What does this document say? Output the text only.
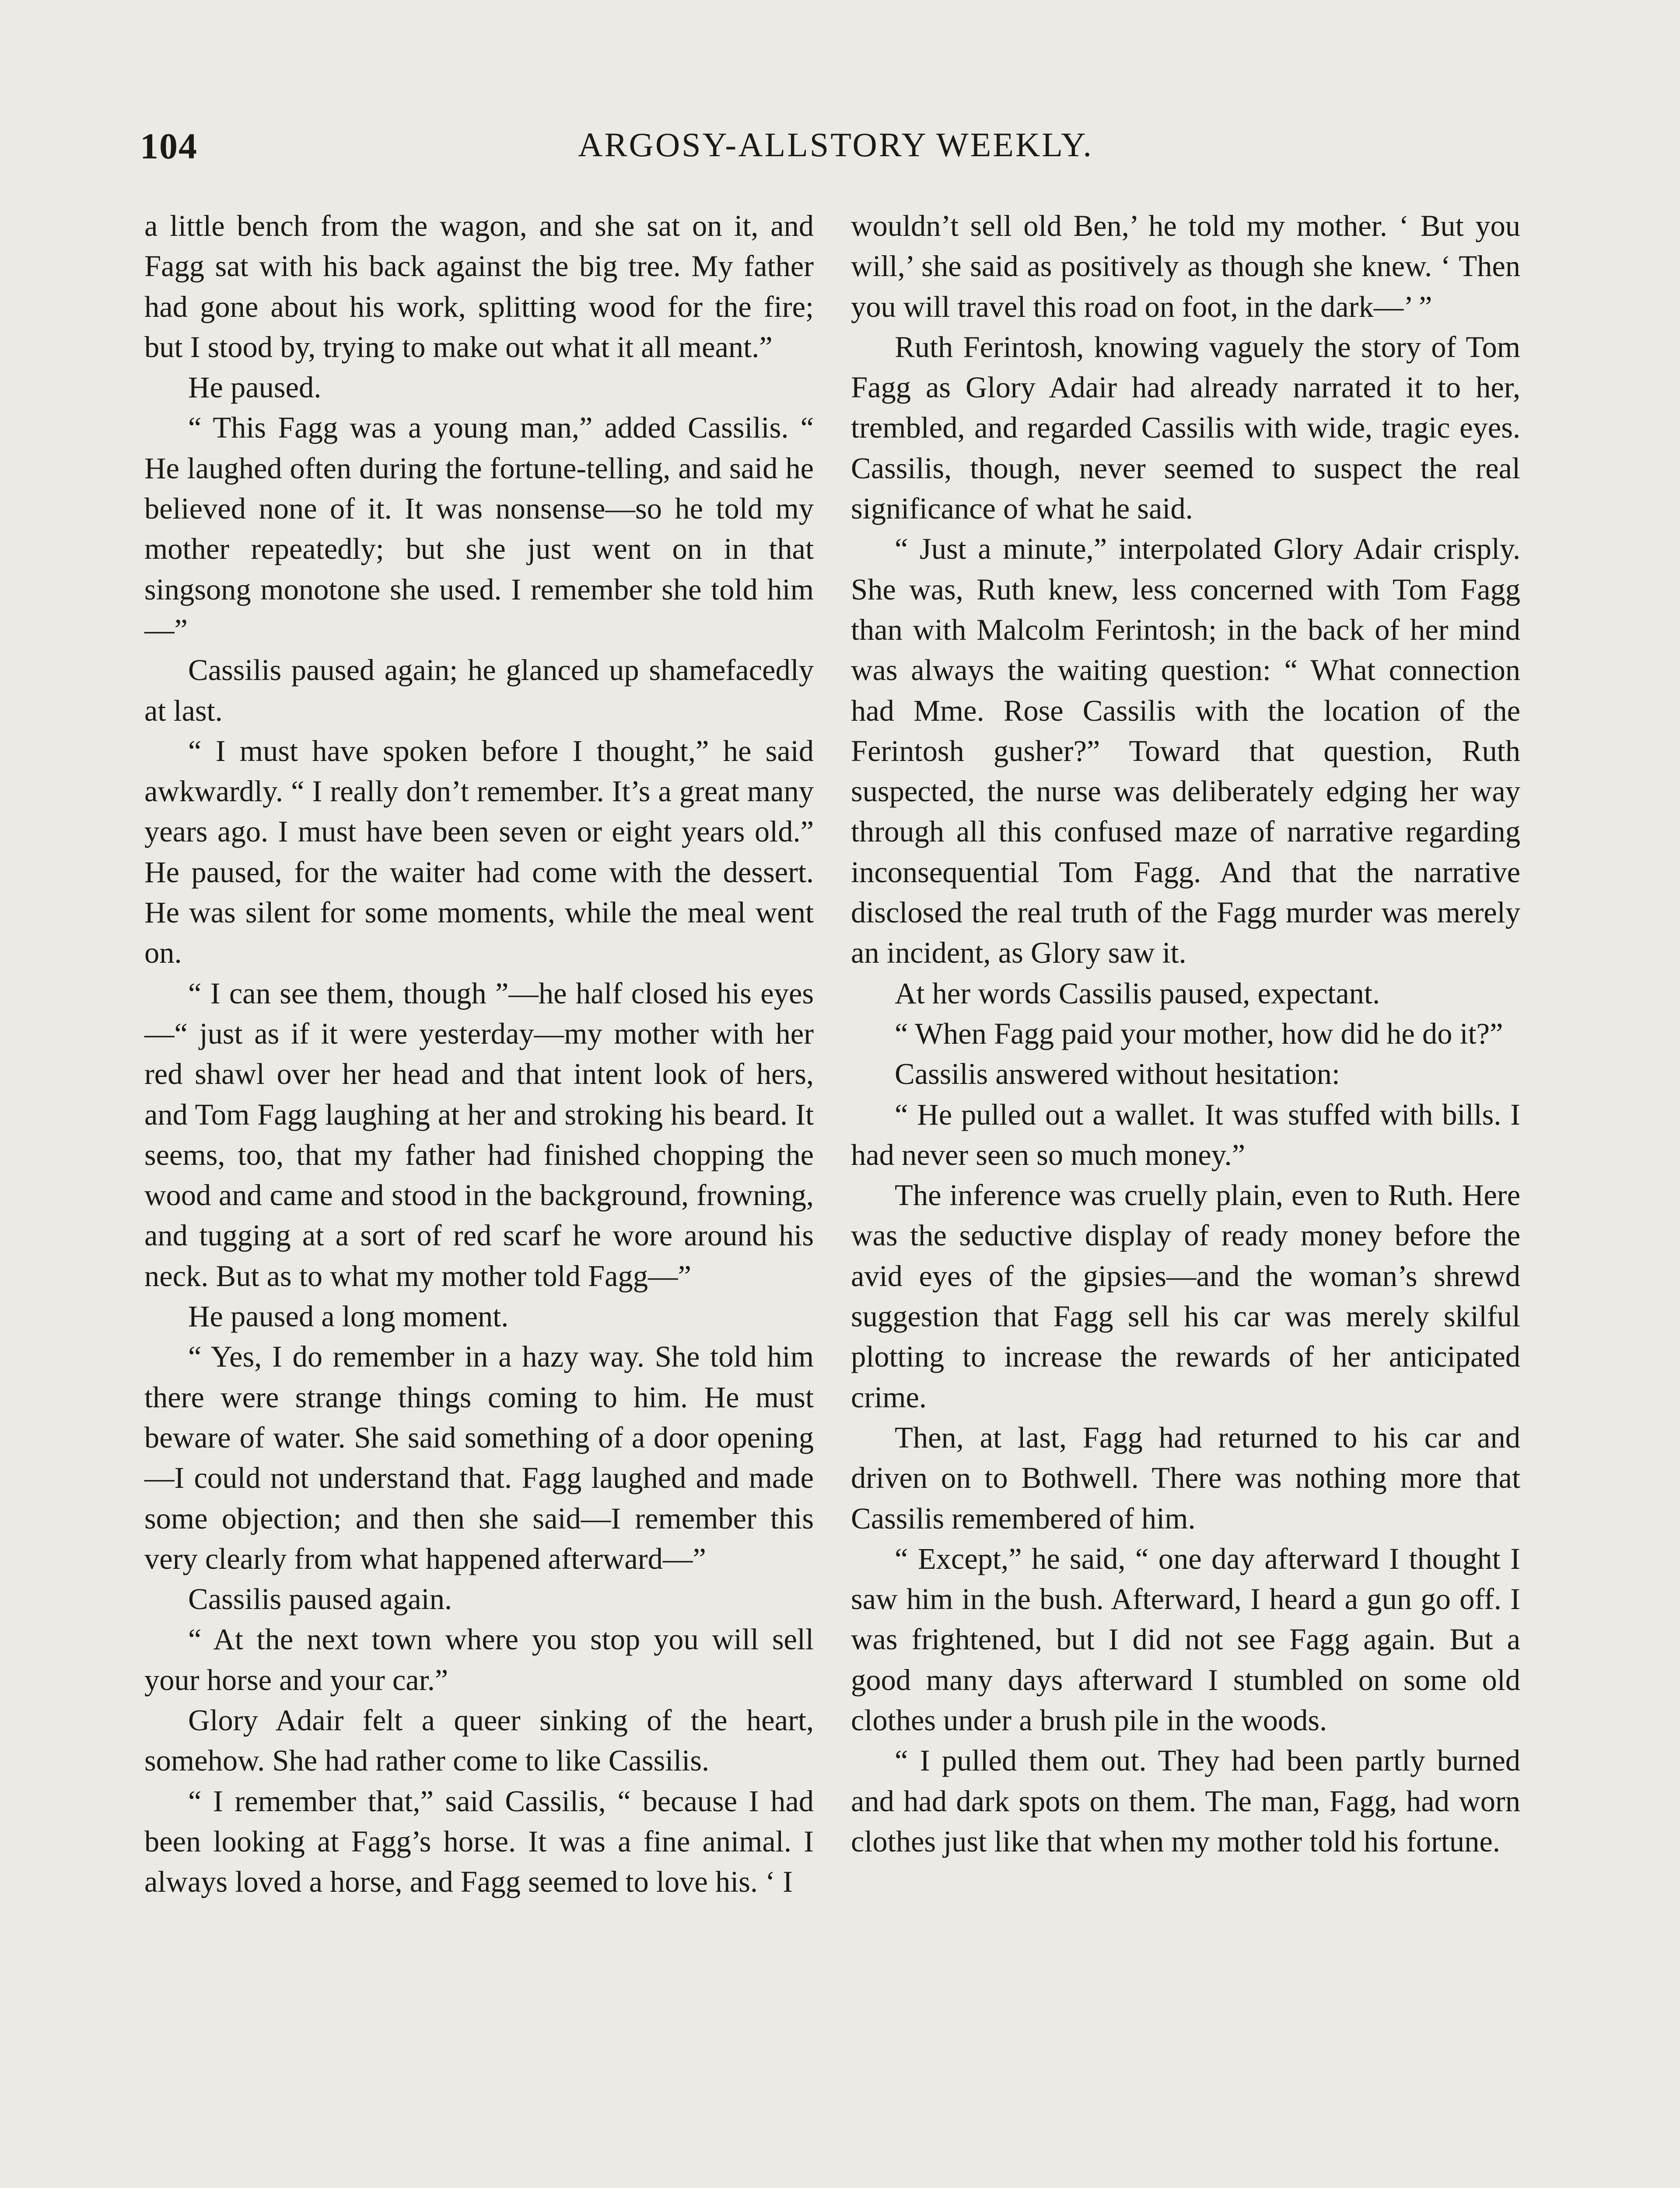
104	ARGOSY-ALLSTORY WEEKLY.

a little bench from the wagon, and she sat on it, and Fagg sat with his back against the big tree. My father had gone about his work, splitting wood for the fire; but I stood by, trying to make out what it all meant.”

He paused.

“ This Fagg was a young man,” added Cassilis. “ He laughed often during the fortune-telling, and said he believed none of it. It was nonsense—so he told my mother repeatedly; but she just went on in that singsong monotone she used. I remember she told him—”

Cassilis paused again; he glanced up shamefacedly at last.

“ I must have spoken before I thought,” he said awkwardly. “ I really don’t remember. It’s a great many years ago. I must have been seven or eight years old.” He paused, for the waiter had come with the dessert. He was silent for some moments, while the meal went on.

“ I can see them, though ”—he half closed his eyes—“ just as if it were yesterday—my mother with her red shawl over her head and that intent look of hers, and Tom Fagg laughing at her and stroking his beard. It seems, too, that my father had finished chopping the wood and came and stood in the background, frowning, and tugging at a sort of red scarf he wore around his neck. But as to what my mother told Fagg—”

He paused a long moment.

“ Yes, I do remember in a hazy way. She told him there were strange things coming to him. He must beware of water. She said something of a door opening—I could not understand that. Fagg laughed and made some objection; and then she said—I remember this very clearly from what happened afterward—”

Cassilis paused again.

“ At the next town where you stop you will sell your horse and your car.”

Glory Adair felt a queer sinking of the heart, somehow. She had rather come to like Cassilis.

“ I remember that,” said Cassilis, “ because I had been looking at Fagg’s horse. It was a fine animal. I always loved a horse, and Fagg seemed to love his. ‘ I

wouldn’t sell old Ben,’ he told my mother. ‘ But you will,’ she said as positively as though she knew. ‘ Then you will travel this road on foot, in the dark—’ ”

Ruth Ferintosh, knowing vaguely the story of Tom Fagg as Glory Adair had already narrated it to her, trembled, and regarded Cassilis with wide, tragic eyes. Cassilis, though, never seemed to suspect the real significance of what he said.

“ Just a minute,” interpolated Glory Adair crisply. She was, Ruth knew, less concerned with Tom Fagg than with Malcolm Ferintosh; in the back of her mind was always the waiting question: “ What connection had Mme. Rose Cassilis with the location of the Ferintosh gusher?” Toward that question, Ruth suspected, the nurse was deliberately edging her way through all this confused maze of narrative regarding inconsequential Tom Fagg. And that the narrative disclosed the real truth of the Fagg murder was merely an incident, as Glory saw it.

At her words Cassilis paused, expectant.

“ When Fagg paid your mother, how did he do it?”

Cassilis answered without hesitation:

“ He pulled out a wallet. It was stuffed with bills. I had never seen so much money.”

The inference was cruelly plain, even to Ruth. Here was the seductive display of ready money before the avid eyes of the gipsies—and the woman’s shrewd suggestion that Fagg sell his car was merely skilful plotting to increase the rewards of her anticipated crime.

Then, at last, Fagg had returned to his car and driven on to Bothwell. There was nothing more that Cassilis remembered of him.

“ Except,” he said, “ one day afterward I thought I saw him in the bush. Afterward, I heard a gun go off. I was frightened, but I did not see Fagg again. But a good many days afterward I stumbled on some old clothes under a brush pile in the woods.

“ I pulled them out. They had been partly burned and had dark spots on them. The man, Fagg, had worn clothes just like that when my mother told his fortune.
